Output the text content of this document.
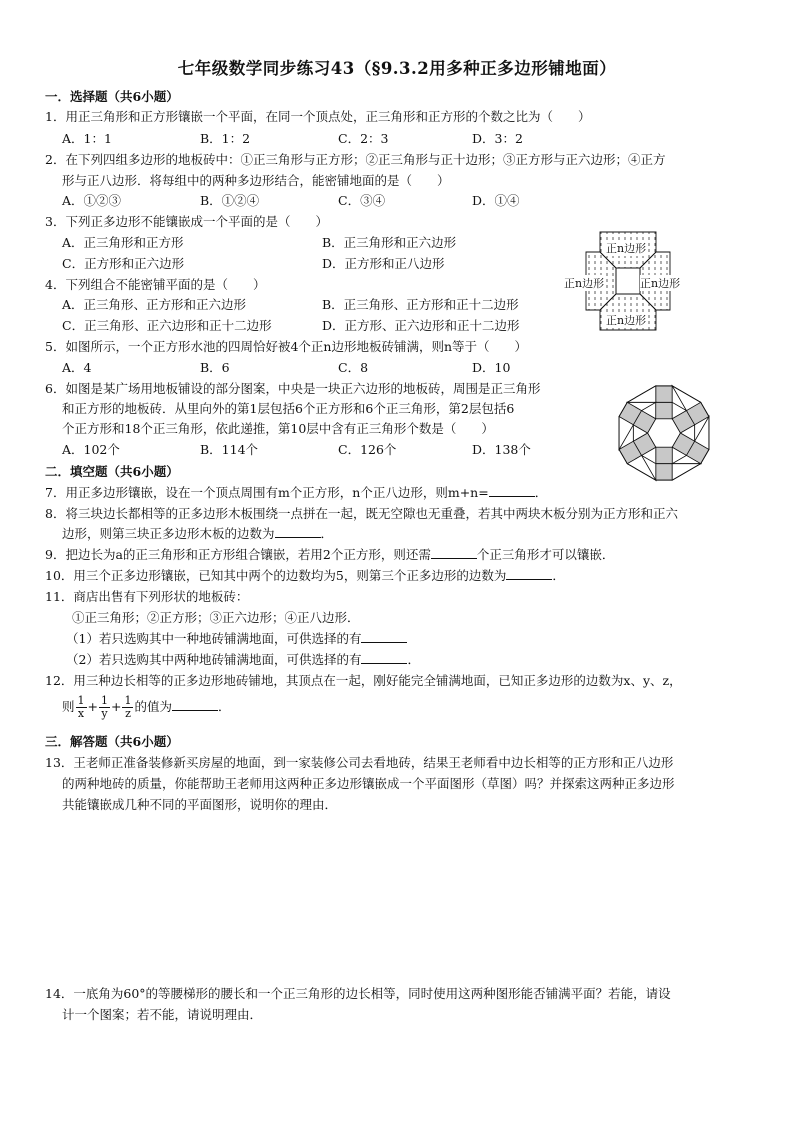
七年级数学同步练习43（§9.3.2用多种正多边形铺地面）
一．选择题（共6小题）
1．用正三角形和正方形镶嵌一个平面，在同一个顶点处，正三角形和正方形的个数之比为（　　）
A．1：1	B．1：2	C．2：3	D．3：2
2．在下列四组多边形的地板砖中：①正三角形与正方形；②正三角形与正十边形；③正方形与正六边形；④正方
形与正八边形．将每组中的两种多边形结合，能密铺地面的是（　　）
A．①②③	B．①②④	C．③④	D．①④
3．下列正多边形不能镶嵌成一个平面的是（　　）
A．正三角形和正方形	B．正三角形和正六边形
C．正方形和正六边形	D．正方形和正八边形
4．下列组合不能密铺平面的是（　　）
A．正三角形、正方形和正六边形	B．正三角形、正方形和正十二边形
C．正三角形、正六边形和正十二边形	D．正方形、正六边形和正十二边形
5．如图所示，一个正方形水池的四周恰好被4个正n边形地板砖铺满，则n等于（　　）
A．4	B．6	C．8	D．10
正n边形
正n边形	正n边形
正n边形
6．如图是某广场用地板铺设的部分图案，中央是一块正六边形的地板砖，周围是正三角形
和正方形的地板砖．从里向外的第1层包括6个正方形和6个正三角形，第2层包括6
个正方形和18个正三角形，依此递推，第10层中含有正三角形个数是（　　）
A．102个	B．114个	C．126个	D．138个
二．填空题（共6小题）
7．用正多边形镶嵌，设在一个顶点周围有m个正方形，n个正八边形，则m+n=	．
8．将三块边长都相等的正多边形木板围绕一点拼在一起，既无空隙也无重叠，若其中两块木板分别为正方形和正六
边形，则第三块正多边形木板的边数为	．
9．把边长为a的正三角形和正方形组合镶嵌，若用2个正方形，则还需	个正三角形才可以镶嵌．
10．用三个正多边形镶嵌，已知其中两个的边数均为5，则第三个正多边形的边数为	．
11．商店出售有下列形状的地板砖：
①正三角形；②正方形；③正六边形；④正八边形．
（1）若只选购其中一种地砖铺满地面，可供选择的有
（2）若只选购其中两种地砖铺满地面，可供选择的有	．
12．用三种边长相等的正多边形地砖铺地，其顶点在一起，刚好能完全铺满地面，已知正多边形的边数为x、y、z，
则 $\frac{1}{x} + \frac{1}{y} + \frac{1}{z}$ 的值为	．
三．解答题（共6小题）
13．王老师正准备装修新买房屋的地面，到一家装修公司去看地砖，结果王老师看中边长相等的正方形和正八边形
的两种地砖的质量，你能帮助王老师用这两种正多边形镶嵌成一个平面图形（草图）吗？并探索这两种正多边形
共能镶嵌成几种不同的平面图形，说明你的理由．
14．一底角为60°的等腰梯形的腰长和一个正三角形的边长相等，同时使用这两种图形能否铺满平面？若能，请设
计一个图案；若不能，请说明理由．
